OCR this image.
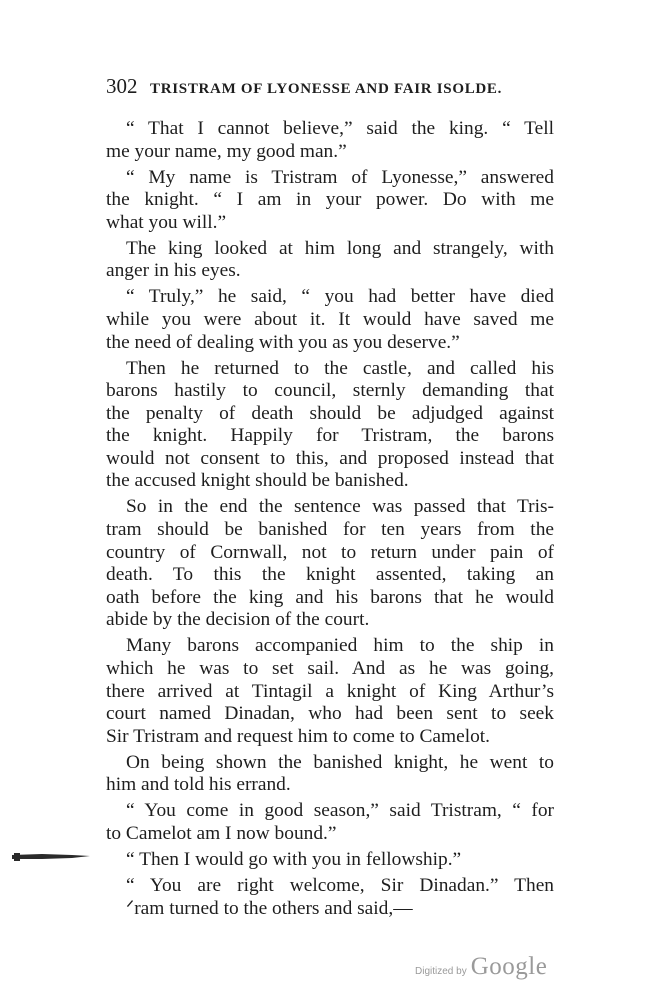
302 TRISTRAM OF LYONESSE AND FAIR ISOLDE.
“ That I cannot believe,” said the king. “ Tell
me your name, my good man.”
“ My name is Tristram of Lyonesse,” answered
the knight. “ I am in your power. Do with me
what you will.”
The king looked at him long and strangely, with
anger in his eyes.
“ Truly,” he said, “ you had better have died
while you were about it. It would have saved me
the need of dealing with you as you deserve.”
Then he returned to the castle, and called his
barons hastily to council, sternly demanding that
the penalty of death should be adjudged against
the knight. Happily for Tristram, the barons
would not consent to this, and proposed instead that
the accused knight should be banished.
So in the end the sentence was passed that Tris-
tram should be banished for ten years from the
country of Cornwall, not to return under pain of
death. To this the knight assented, taking an
oath before the king and his barons that he would
abide by the decision of the court.
Many barons accompanied him to the ship in
which he was to set sail. And as he was going,
there arrived at Tintagil a knight of King Arthur’s
court named Dinadan, who had been sent to seek
Sir Tristram and request him to come to Camelot.
On being shown the banished knight, he went to
him and told his errand.
“ You come in good season,” said Tristram, “ for
to Camelot am I now bound.”
“ Then I would go with you in fellowship.”
“ You are right welcome, Sir Dinadan.” Then
ᐟram turned to the others and said,—
Digitized by Google
